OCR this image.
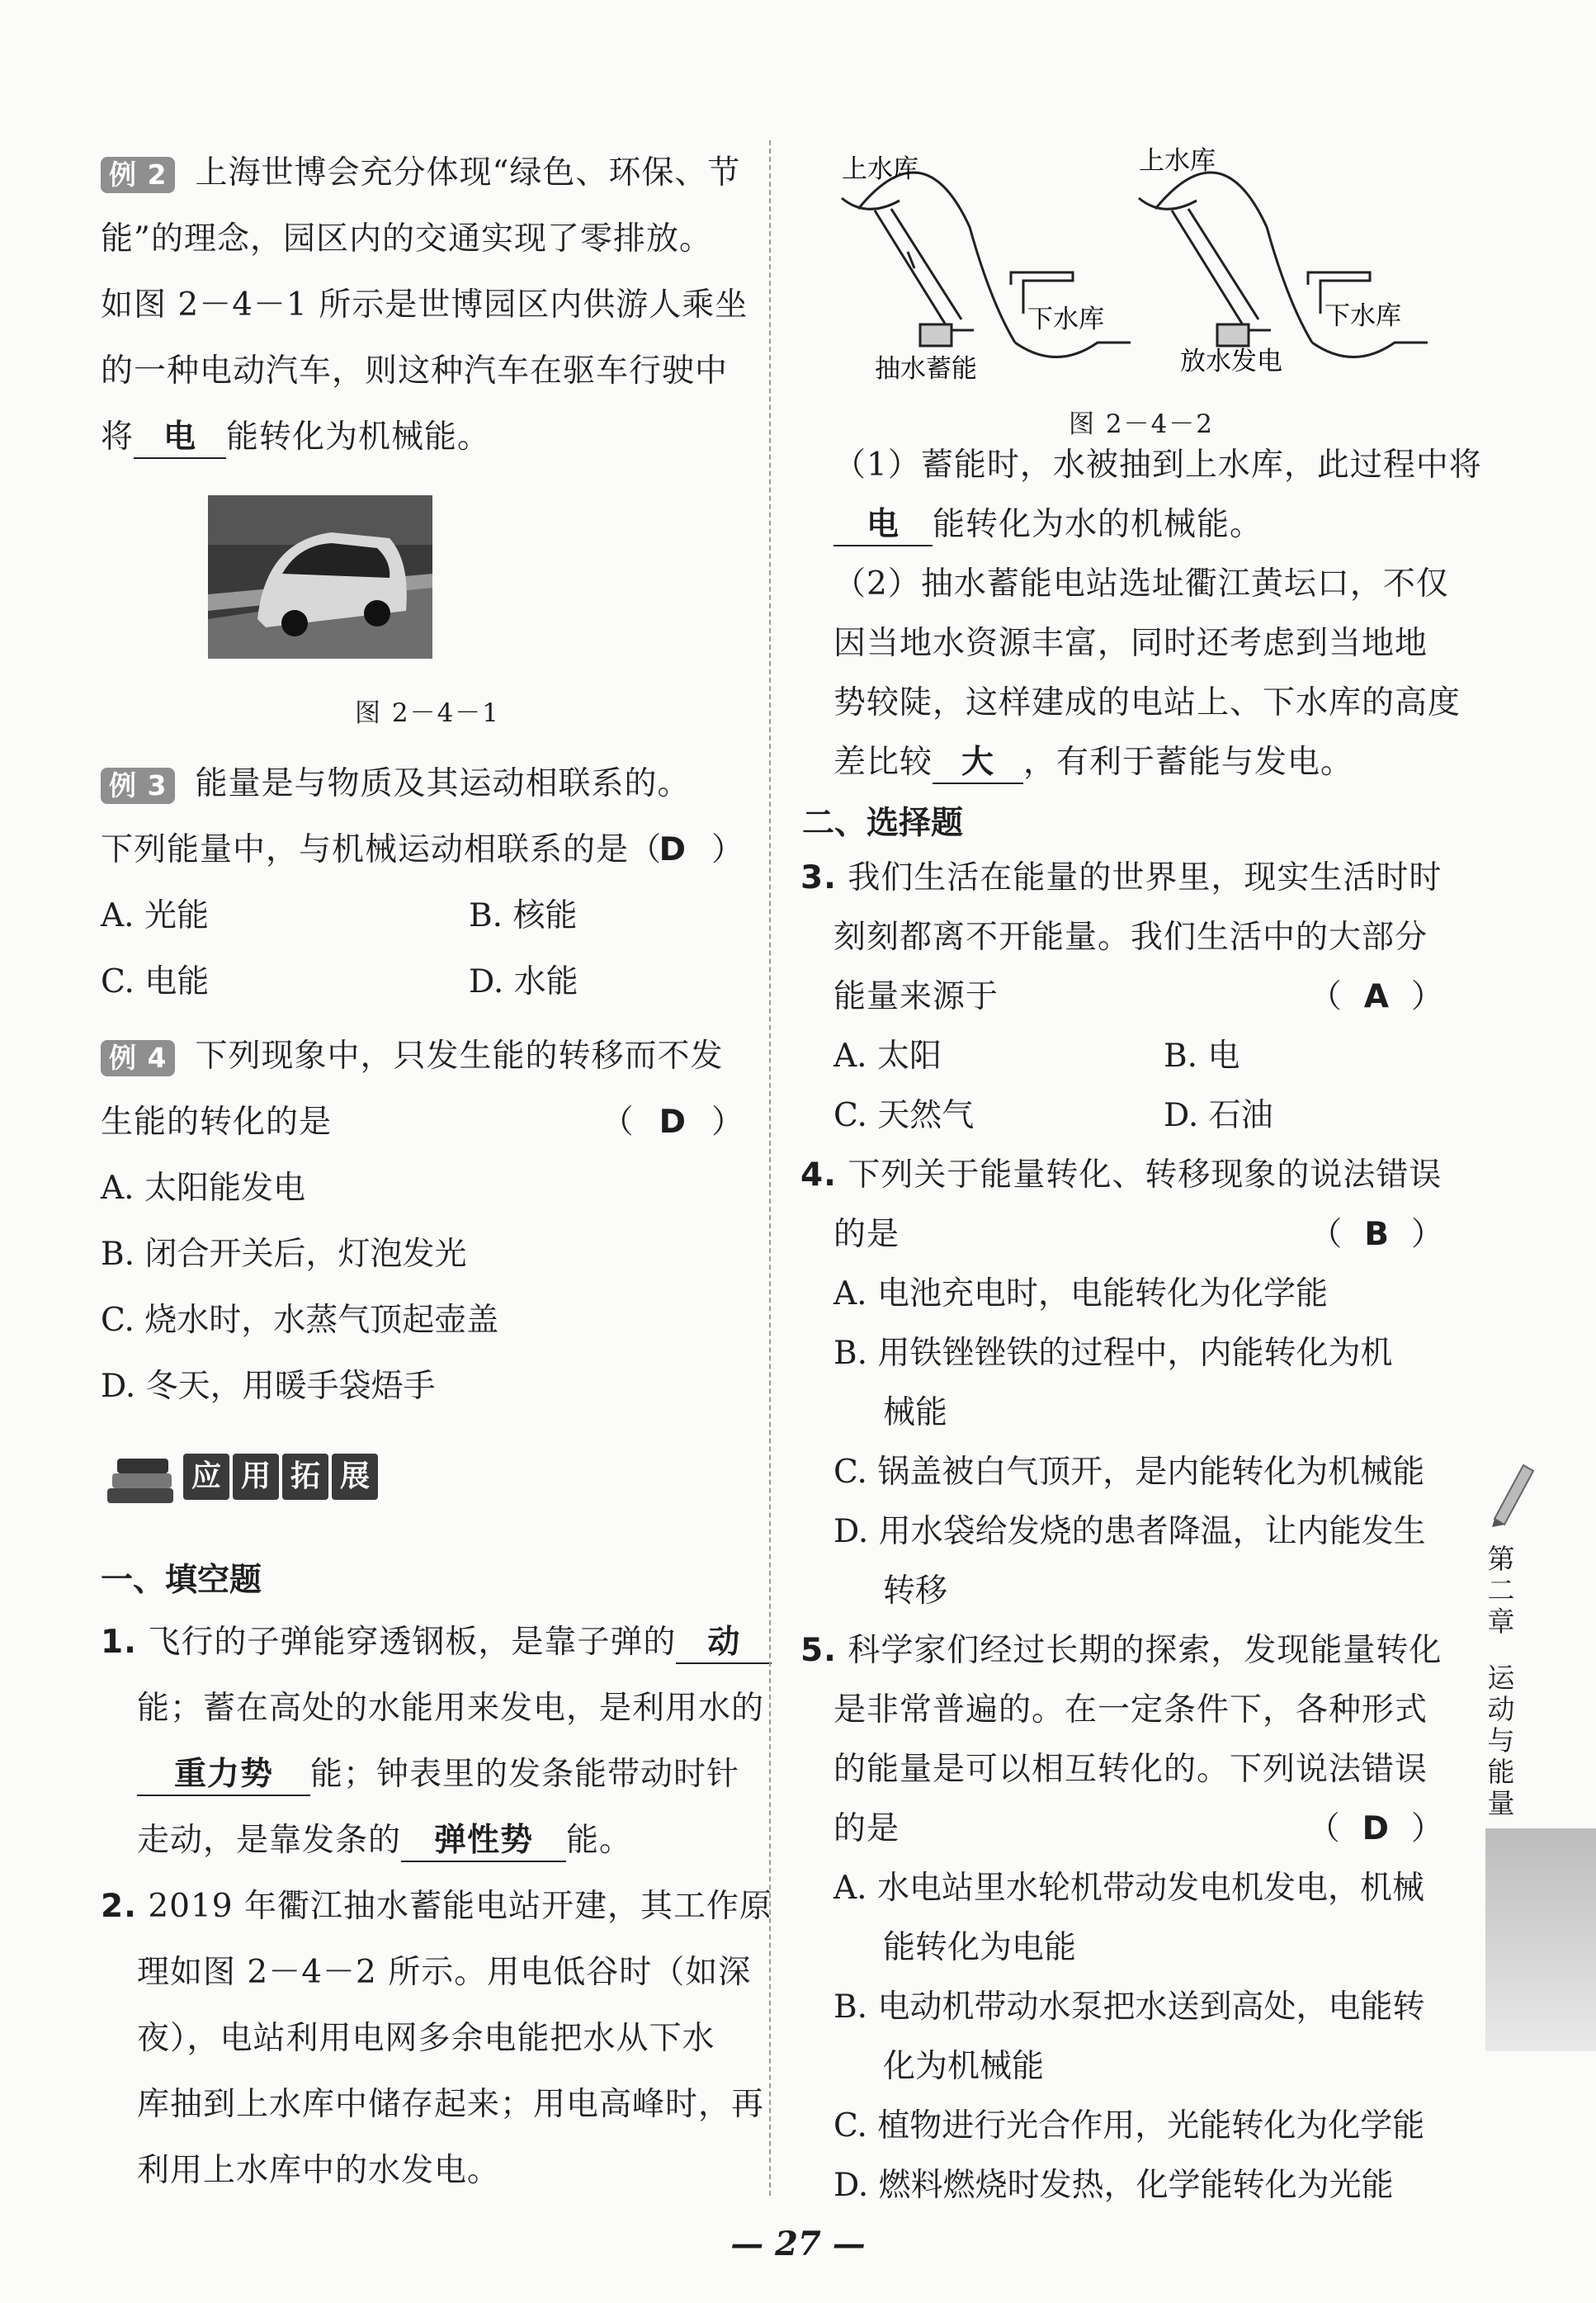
例 2 上海世博会充分体现“绿色、环保、节
能”的理念，园区内的交通实现了零排放。
如图 2－4－1 所示是世博园区内供游人乘坐
的一种电动汽车，则这种汽车在驱车行驶中
将 电 能转化为机械能。
图 2－4－1
例 3 能量是与物质及其运动相联系的。
下列能量中，与机械运动相联系的是（
D ）
A. 光能	B. 核能
C. 电能	D. 水能
例 4 下列现象中，只发生能的转移而不发
生能的转化的是	（ D ）
A. 太阳能发电
B. 闭合开关后，灯泡发光
C. 烧水时，水蒸气顶起壶盖
D. 冬天，用暖手袋焐手
应 用 拓 展
一、填空题
1. 飞行的子弹能穿透钢板，是靠子弹的 动
能；蓄在高处的水能用来发电，是利用水的
重力势 能；钟表里的发条能带动时针
走动，是靠发条的 弹性势 能。
2. 2019 年衢江抽水蓄能电站开建，其工作原
理如图 2－4－2 所示。用电低谷时（如深
夜），电站利用电网多余电能把水从下水
库抽到上水库中储存起来；用电高峰时，再
利用上水库中的水发电。
上水库	上水库
下水库	下水库
抽水蓄能	放水发电
图 2－4－2
（1）蓄能时，水被抽到上水库，此过程中将
电 能转化为水的机械能。
（2）抽水蓄能电站选址衢江黄坛口，不仅
因当地水资源丰富，同时还考虑到当地地
势较陡，这样建成的电站上、下水库的高度
差比较 大 ，有利于蓄能与发电。
二、选择题
3. 我们生活在能量的世界里，现实生活时时
刻刻都离不开能量。我们生活中的大部分
能量来源于	（ A ）
A. 太阳	B. 电
C. 天然气	D. 石油
4. 下列关于能量转化、转移现象的说法错误
的是	（ B ）
A. 电池充电时，电能转化为化学能
B. 用铁锉锉铁的过程中，内能转化为机
械能
C. 锅盖被白气顶开，是内能转化为机械能
D. 用水袋给发烧的患者降温，让内能发生
转移
5. 科学家们经过长期的探索，发现能量转化
是非常普遍的。在一定条件下，各种形式
的能量是可以相互转化的。下列说法错误
的是	（ D ）
A. 水电站里水轮机带动发电机发电，机械
能转化为电能
B. 电动机带动水泵把水送到高处，电能转
化为机械能
C. 植物进行光合作用，光能转化为化学能
D. 燃料燃烧时发热，化学能转化为光能
第二章
运动与能量
— 27 —
